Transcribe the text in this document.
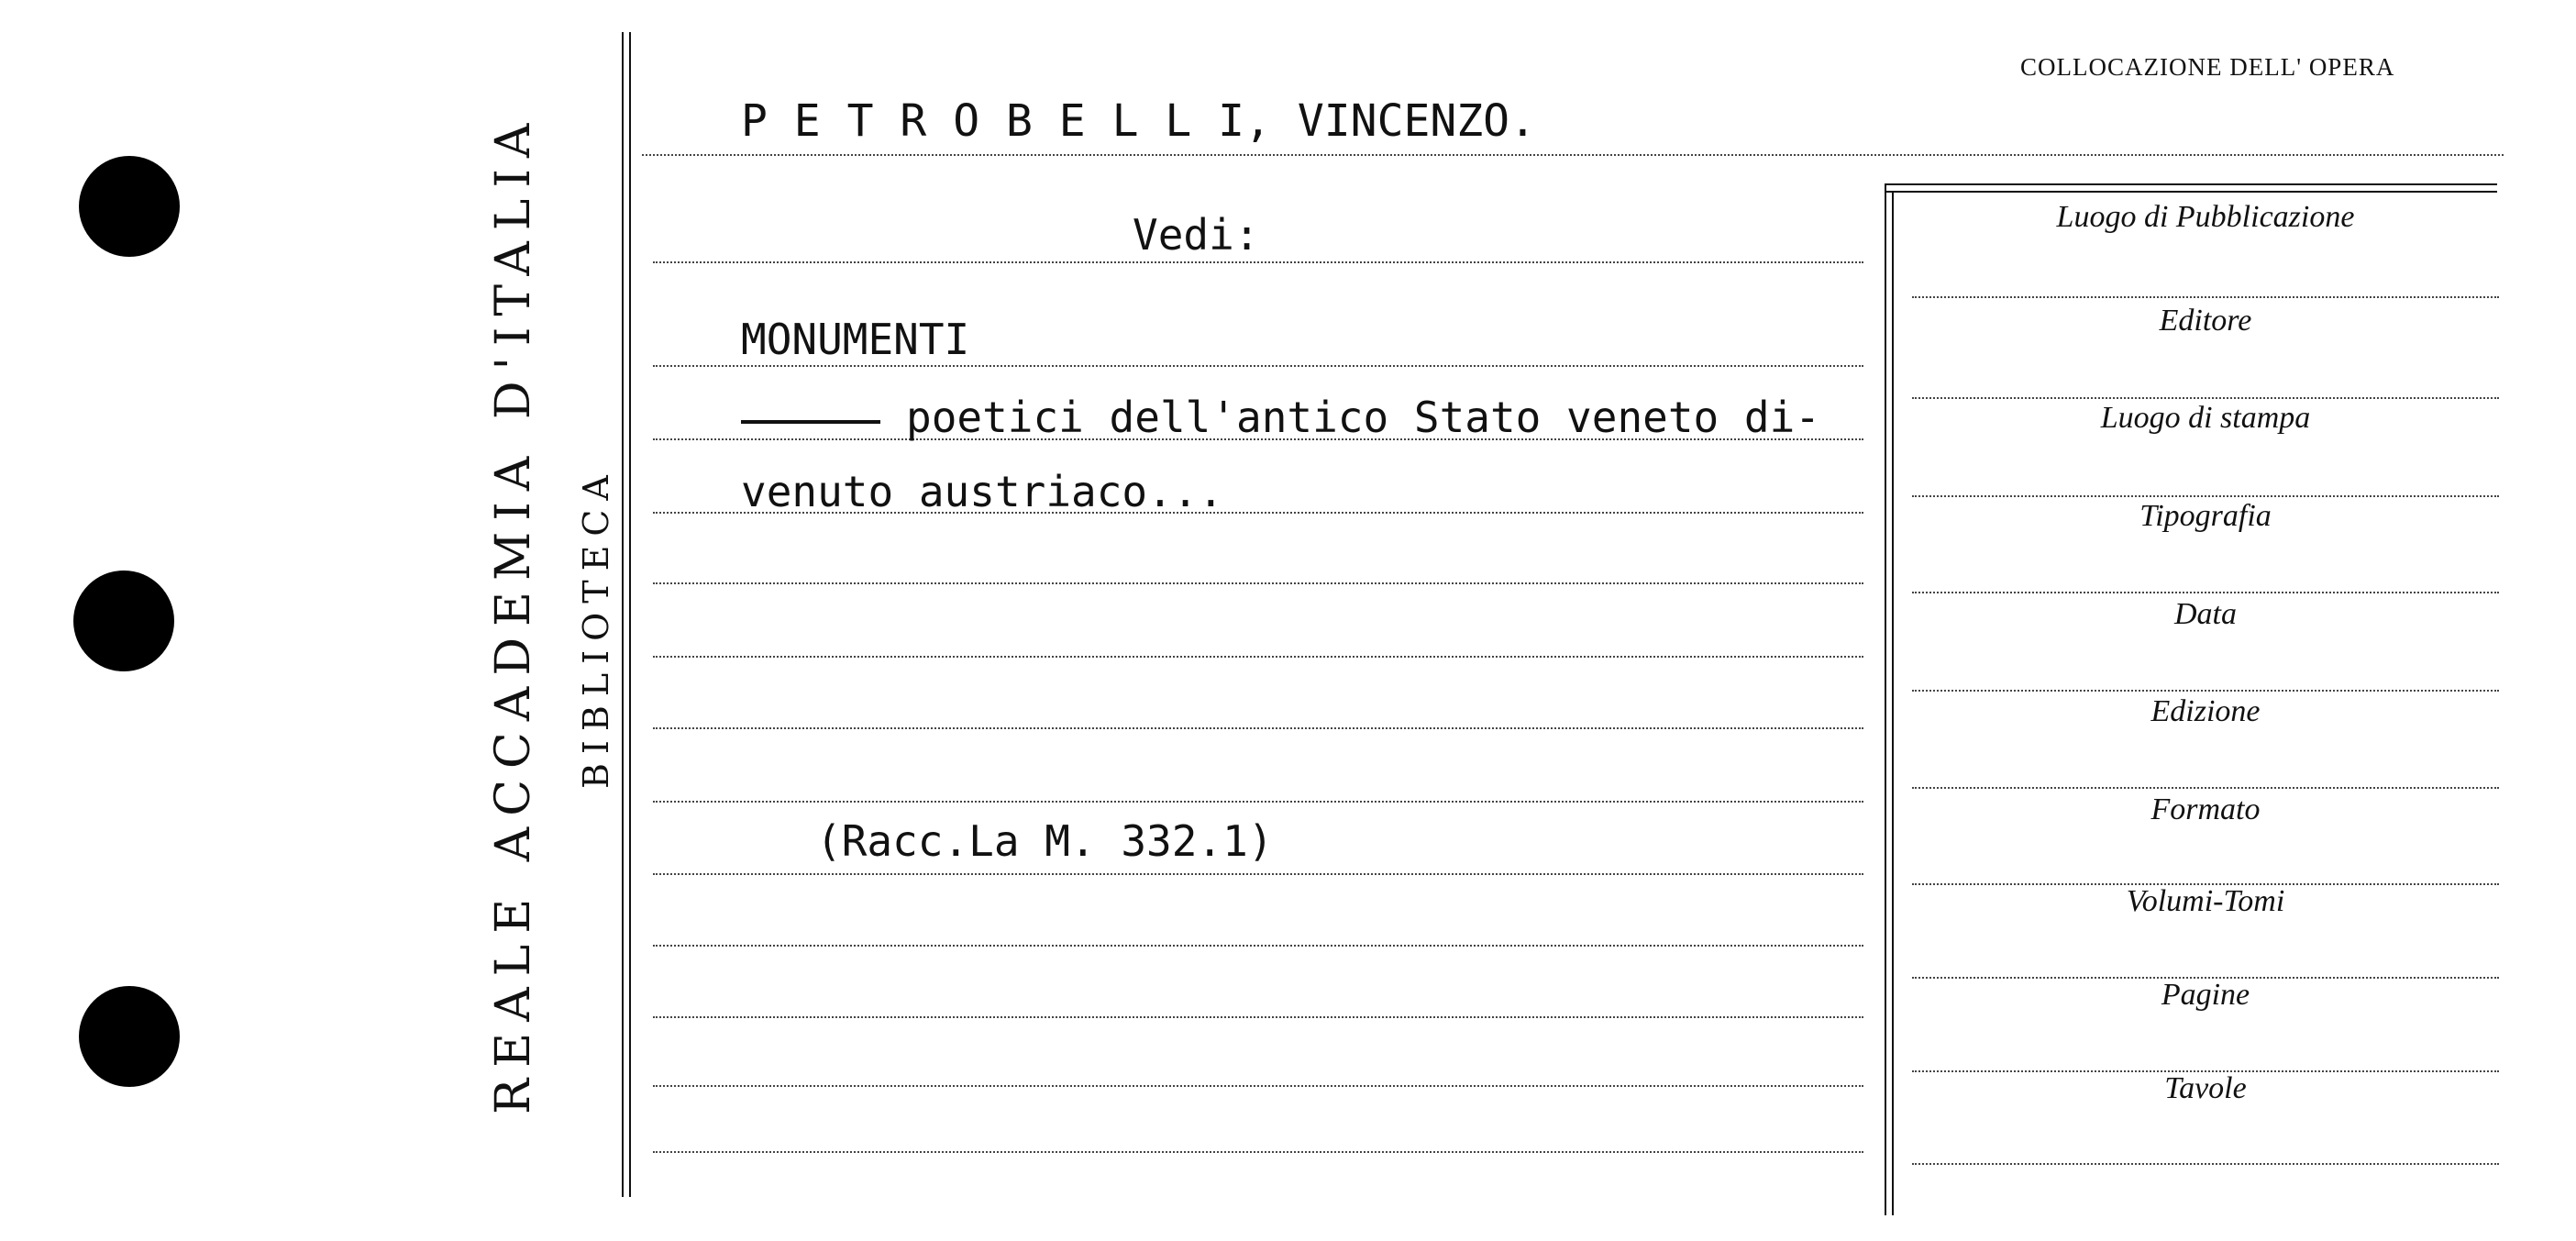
REALE ACCADEMIA D'ITALIA BIBLIOTECA
COLLOCAZIONE DELL' OPERA
P E T R O B E L L I, VINCENZO.
Vedi:
MONUMENTI
poetici dell'antico Stato veneto di-
venuto austriaco...
(Racc.La M. 332.1)
Luogo di Pubblicazione
Editore
Luogo di stampa
Tipografia
Data
Edizione
Formato
Volumi-Tomi
Pagine
Tavole
